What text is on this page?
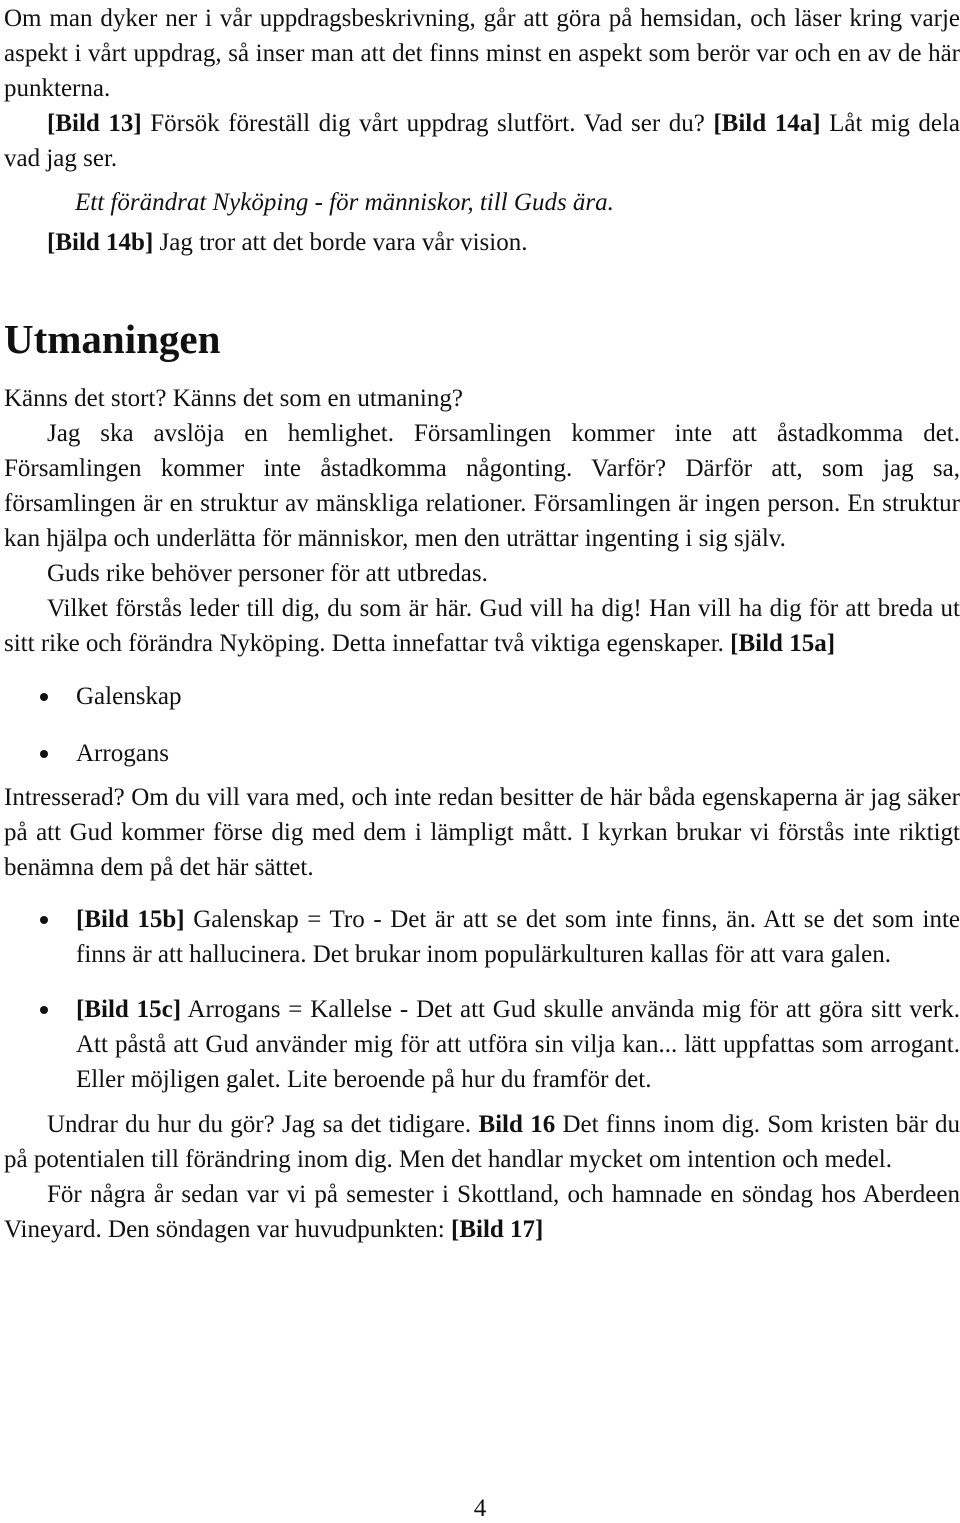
Om man dyker ner i vår uppdragsbeskrivning, går att göra på hemsidan, och läser kring varje aspekt i vårt uppdrag, så inser man att det finns minst en aspekt som berör var och en av de här punkterna.

[Bild 13] Försök föreställ dig vårt uppdrag slutfört. Vad ser du? [Bild 14a] Låt mig dela vad jag ser.

Ett förändrat Nyköping - för människor, till Guds ära.

[Bild 14b] Jag tror att det borde vara vår vision.

Utmaningen

Känns det stort? Känns det som en utmaning?

Jag ska avslöja en hemlighet. Församlingen kommer inte att åstadkomma det. Församlingen kommer inte åstadkomma någonting. Varför? Därför att, som jag sa, församlingen är en struktur av mänskliga relationer. Församlingen är ingen person. En struktur kan hjälpa och underlätta för människor, men den uträttar ingenting i sig själv.

Guds rike behöver personer för att utbredas.

Vilket förstås leder till dig, du som är här. Gud vill ha dig! Han vill ha dig för att breda ut sitt rike och förändra Nyköping. Detta innefattar två viktiga egenskaper. [Bild 15a]

Galenskap
Arrogans

Intresserad? Om du vill vara med, och inte redan besitter de här båda egenskaperna är jag säker på att Gud kommer förse dig med dem i lämpligt mått. I kyrkan brukar vi förstås inte riktigt benämna dem på det här sättet.

[Bild 15b] Galenskap = Tro - Det är att se det som inte finns, än. Att se det som inte finns är att hallucinera. Det brukar inom populärkulturen kallas för att vara galen.
[Bild 15c] Arrogans = Kallelse - Det att Gud skulle använda mig för att göra sitt verk. Att påstå att Gud använder mig för att utföra sin vilja kan... lätt uppfattas som arrogant. Eller möjligen galet. Lite beroende på hur du framför det.

Undrar du hur du gör? Jag sa det tidigare. Bild 16 Det finns inom dig. Som kristen bär du på potentialen till förändring inom dig. Men det handlar mycket om intention och medel.

För några år sedan var vi på semester i Skottland, och hamnade en söndag hos Aberdeen Vineyard. Den söndagen var huvudpunkten: [Bild 17]

4
